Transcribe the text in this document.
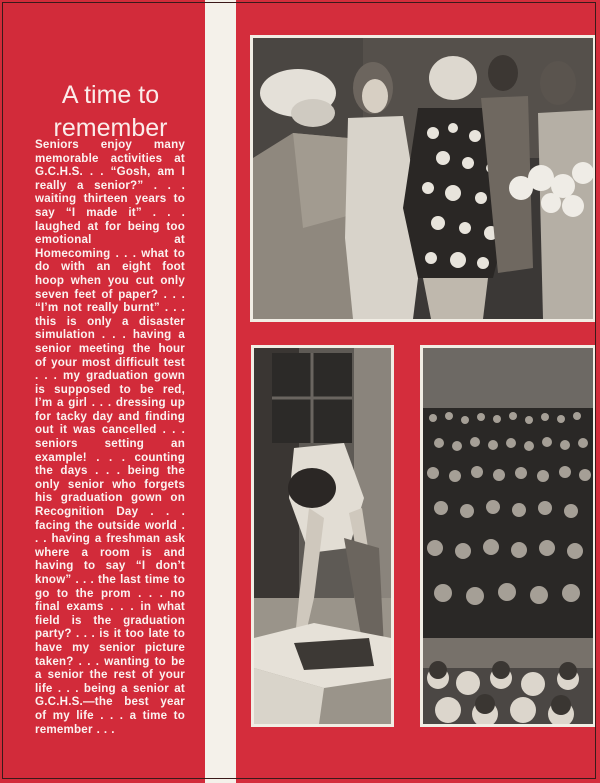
A time to remember
Seniors enjoy many memorable activities at G.C.H.S. . . “Gosh, am I really a senior?” . . . waiting thirteen years to say “I made it” . . . laughed at for being too emotional at Homecoming . . . what to do with an eight foot hoop when you cut only seven feet of paper? . . . “I’m not really burnt” . . . this is only a disaster simulation . . . having a senior meeting the hour of your most difficult test . . . my graduation gown is supposed to be red, I’m a girl . . . dressing up for tacky day and finding out it was cancelled . . . seniors setting an example! . . . counting the days . . . being the only senior who forgets his graduation gown on Recognition Day . . . facing the outside world . . . having a freshman ask where a room is and having to say “I don’t know” . . . the last time to go to the prom . . . no final exams . . . in what field is the graduation party? . . . is it too late to have my senior picture taken? . . . wanting to be a senior the rest of your life . . . being a senior at G.C.H.S.—the best year of my life . . . a time to remember . . .
